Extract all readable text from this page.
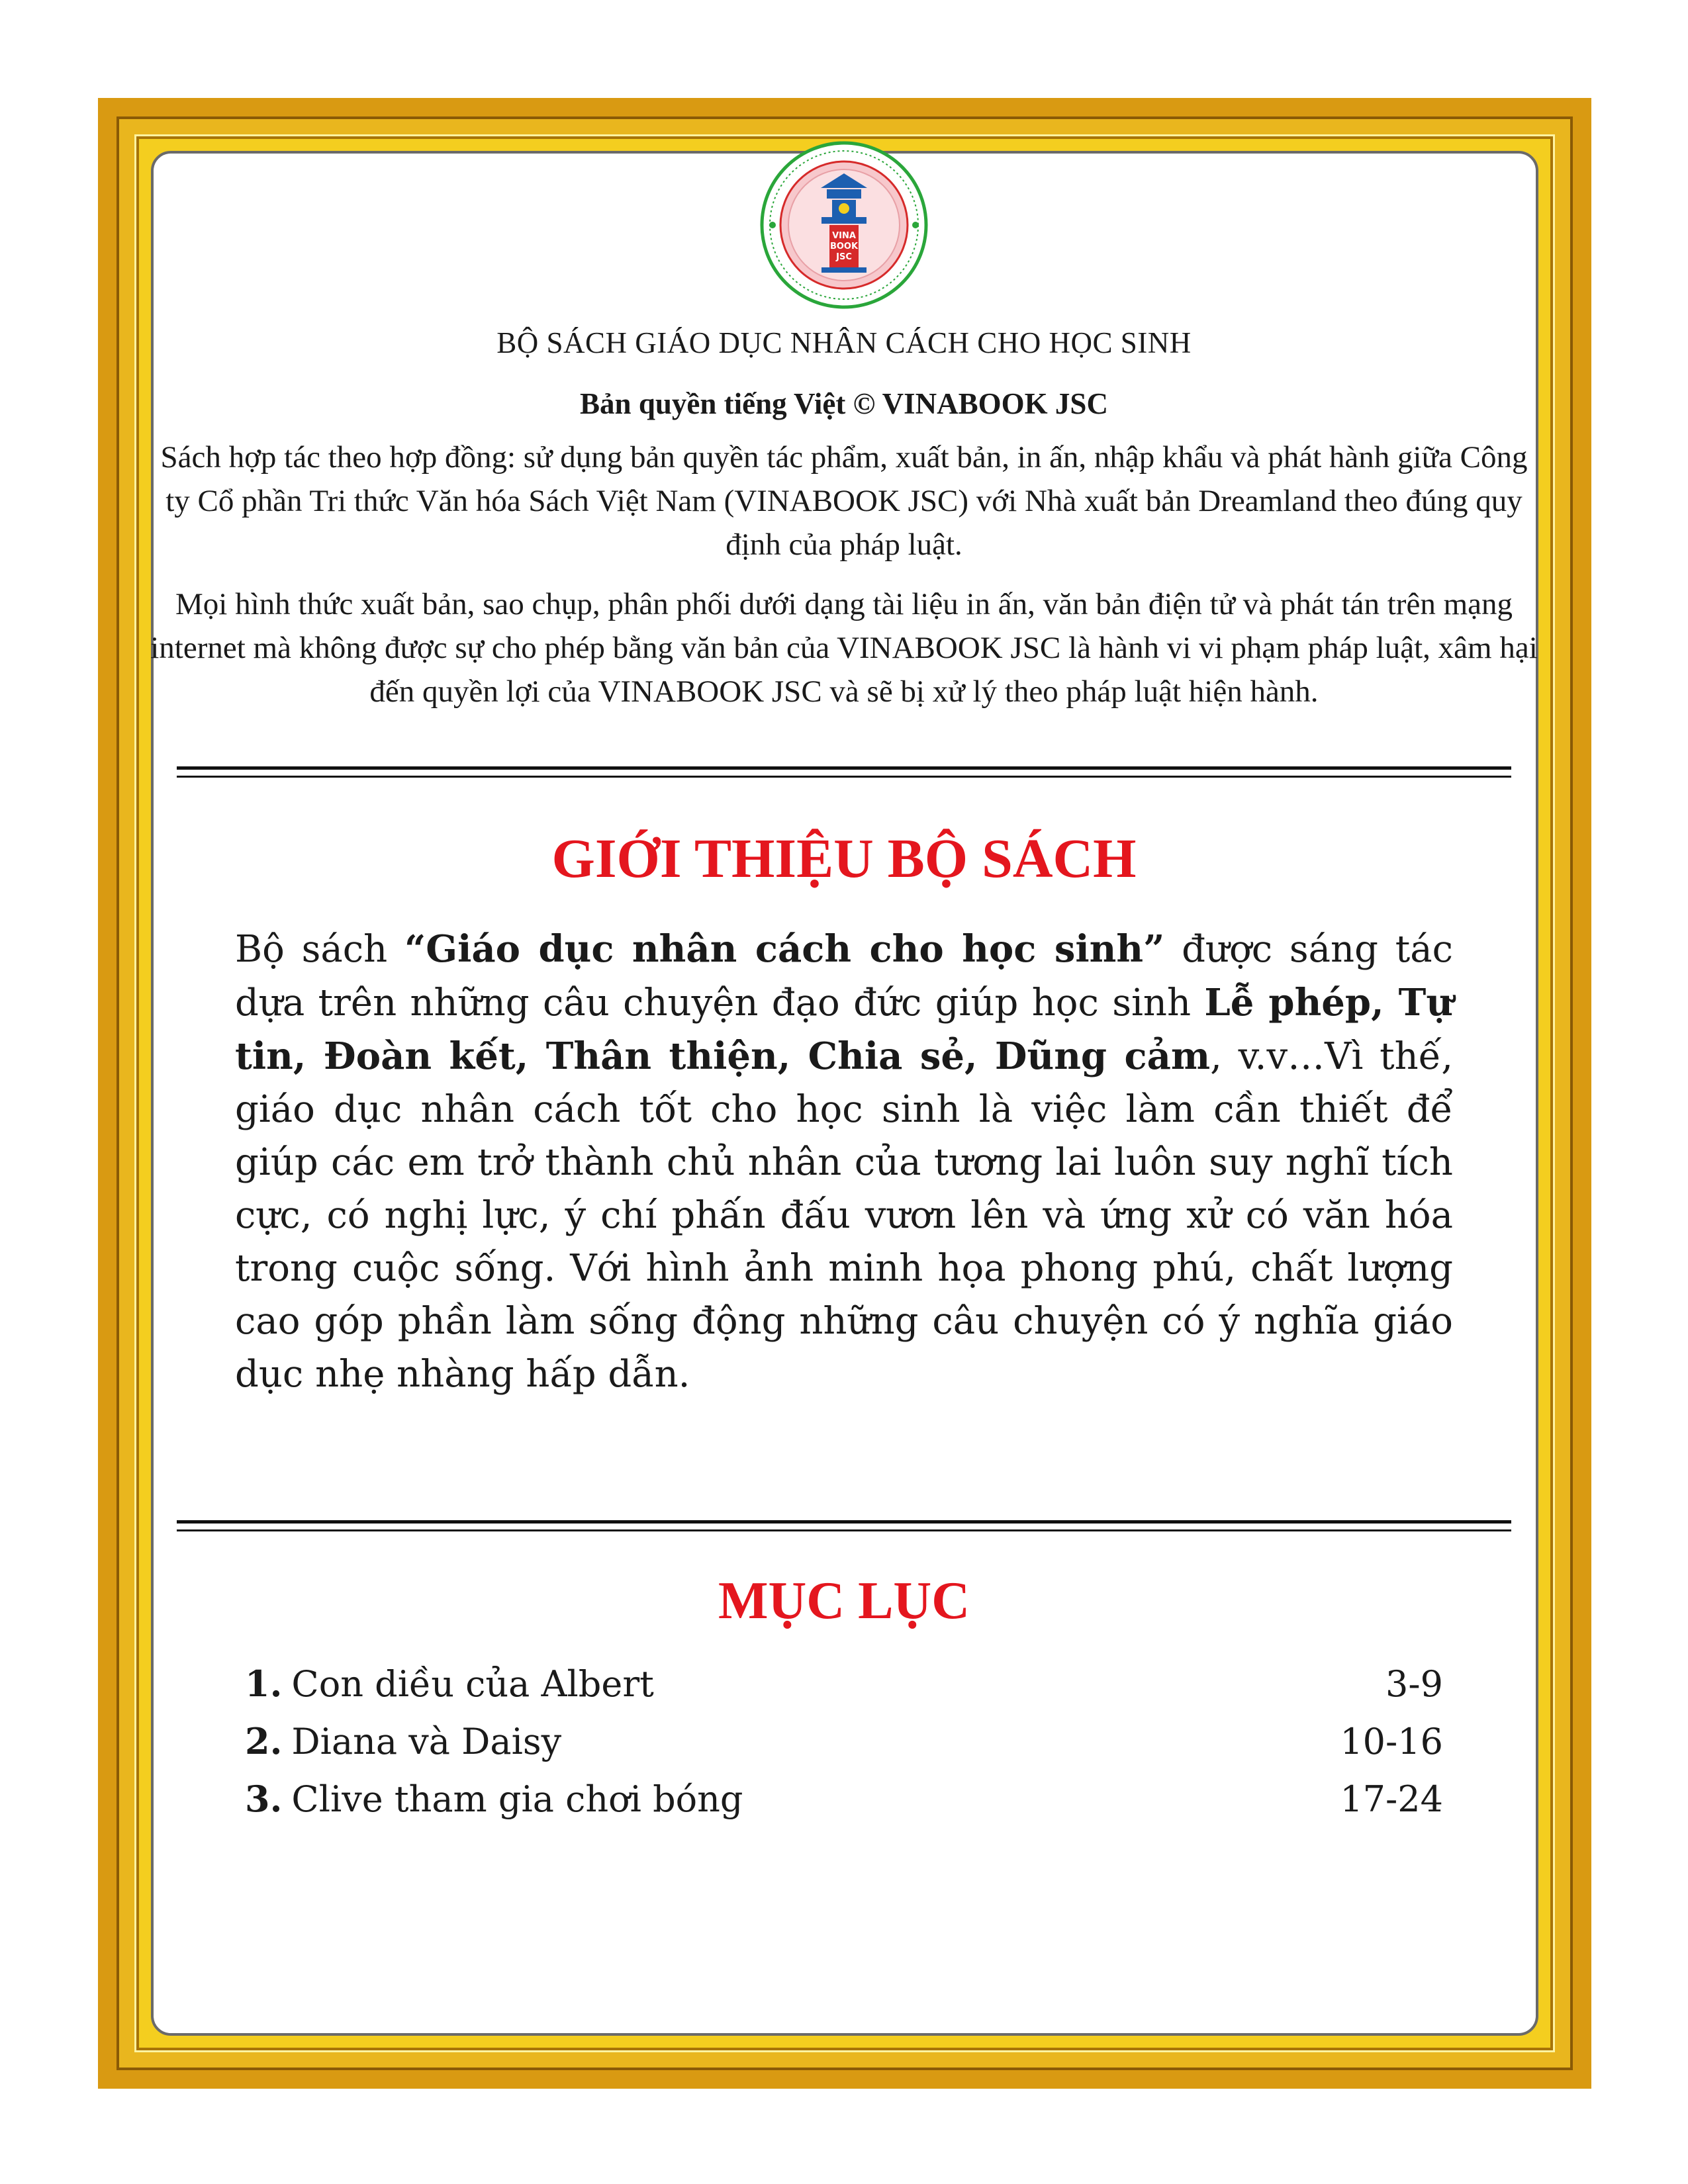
VINA
BOOK
JSC
BỘ SÁCH GIÁO DỤC NHÂN CÁCH CHO HỌC SINH
Bản quyền tiếng Việt © VINABOOK JSC
Sách hợp tác theo hợp đồng: sử dụng bản quyền tác phẩm, xuất bản, in ấn, nhập khẩu và phát hành giữa Công ty Cổ phần Tri thức Văn hóa Sách Việt Nam (VINABOOK JSC) với Nhà xuất bản Dreamland theo đúng quy định của pháp luật.
Mọi hình thức xuất bản, sao chụp, phân phối dưới dạng tài liệu in ấn, văn bản điện tử và phát tán trên mạng internet mà không được sự cho phép bằng văn bản của VINABOOK JSC là hành vi vi phạm pháp luật, xâm hại đến quyền lợi của VINABOOK JSC và sẽ bị xử lý theo pháp luật hiện hành.
GIỚI THIỆU BỘ SÁCH
Bộ sách “Giáo dục nhân cách cho học sinh” được sáng tác dựa trên những câu chuyện đạo đức giúp học sinh Lễ phép, Tự tin, Đoàn kết, Thân thiện, Chia sẻ, Dũng cảm, v.v…Vì thế, giáo dục nhân cách tốt cho học sinh là việc làm cần thiết để giúp các em trở thành chủ nhân của tương lai luôn suy nghĩ tích cực, có nghị lực, ý chí phấn đấu vươn lên và ứng xử có văn hóa trong cuộc sống. Với hình ảnh minh họa phong phú, chất lượng cao góp phần làm sống động những câu chuyện có ý nghĩa giáo dục nhẹ nhàng hấp dẫn.
MỤC LỤC
1. Con diều của Albert	3-9
2. Diana và Daisy	10-16
3. Clive tham gia chơi bóng	17-24
